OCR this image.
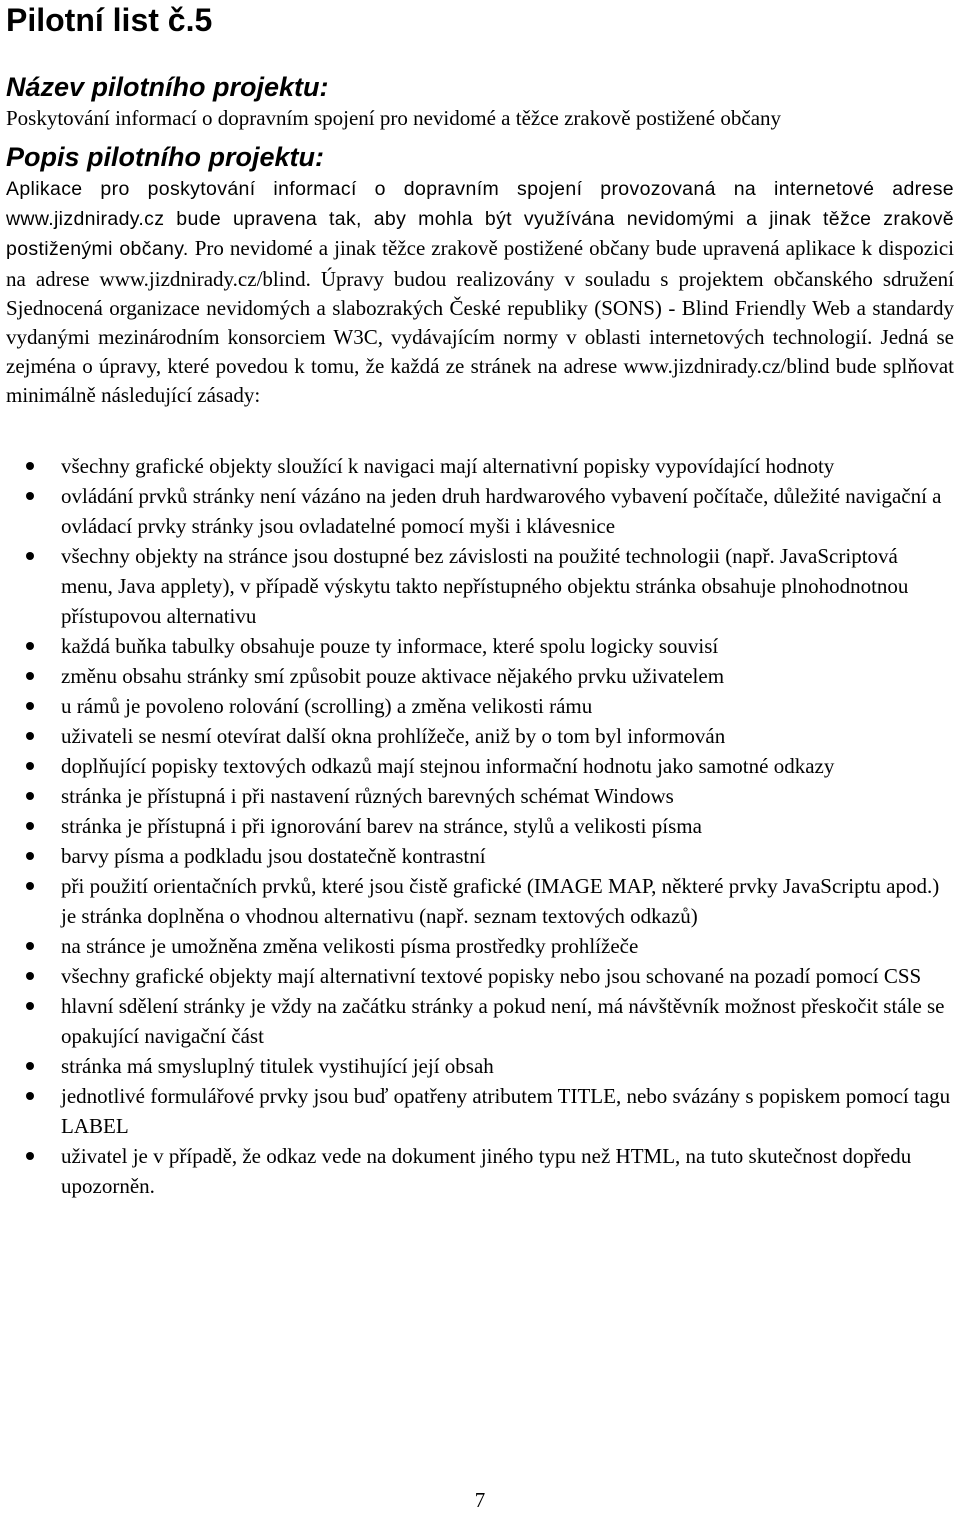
Pilotní list č.5
Název pilotního projektu:

Poskytování informací o dopravním spojení pro nevidomé a těžce zrakově postižené občany

Popis pilotního projektu:

Aplikace pro poskytování informací o dopravním spojení provozovaná na internetové adrese www.jizdnirady.cz bude upravena tak, aby mohla být využívána nevidomými a jinak těžce zrakově postiženými občany. Pro nevidomé a jinak těžce zrakově postižené občany bude upravená aplikace k dispozici na adrese www.jizdnirady.cz/blind. Úpravy budou realizovány v souladu s projektem občanského sdružení Sjednocená organizace nevidomých a slabozrakých České republiky (SONS) - Blind Friendly Web a standardy vydanými mezinárodním konsorciem W3C, vydávajícím normy v oblasti internetových technologií. Jedná se zejména o úpravy, které povedou k tomu, že každá ze stránek na adrese www.jizdnirady.cz/blind bude splňovat minimálně následující zásady:

všechny grafické objekty sloužící k navigaci mají alternativní popisky vypovídající hodnoty
ovládání prvků stránky není vázáno na jeden druh hardwarového vybavení počítače, důležité navigační a ovládací prvky stránky jsou ovladatelné pomocí myši i klávesnice
všechny objekty na stránce jsou dostupné bez závislosti na použité technologii (např. JavaScriptová menu, Java applety), v případě výskytu takto nepřístupného objektu stránka obsahuje plnohodnotnou přístupovou alternativu
každá buňka tabulky obsahuje pouze ty informace, které spolu logicky souvisí
změnu obsahu stránky smí způsobit pouze aktivace nějakého prvku uživatelem
u rámů je povoleno rolování (scrolling) a změna velikosti rámu
uživateli se nesmí otevírat další okna prohlížeče, aniž by o tom byl informován
doplňující popisky textových odkazů mají stejnou informační hodnotu jako samotné odkazy
stránka je přístupná i při nastavení různých barevných schémat Windows
stránka je přístupná i při ignorování barev na stránce, stylů a velikosti písma
barvy písma a podkladu jsou dostatečně kontrastní
při použití orientačních prvků, které jsou čistě grafické (IMAGE MAP, některé prvky JavaScriptu apod.) je stránka doplněna o vhodnou alternativu (např. seznam textových odkazů)
na stránce je umožněna změna velikosti písma prostředky prohlížeče
všechny grafické objekty mají alternativní textové popisky nebo jsou schované na pozadí pomocí CSS
hlavní sdělení stránky je vždy na začátku stránky a pokud není, má návštěvník možnost přeskočit stále se opakující navigační část
stránka má smysluplný titulek vystihující její obsah
jednotlivé formulářové prvky jsou buď opatřeny atributem TITLE, nebo svázány s popiskem pomocí tagu LABEL
uživatel je v případě, že odkaz vede na dokument jiného typu než HTML, na tuto skutečnost dopředu upozorněn.
7
